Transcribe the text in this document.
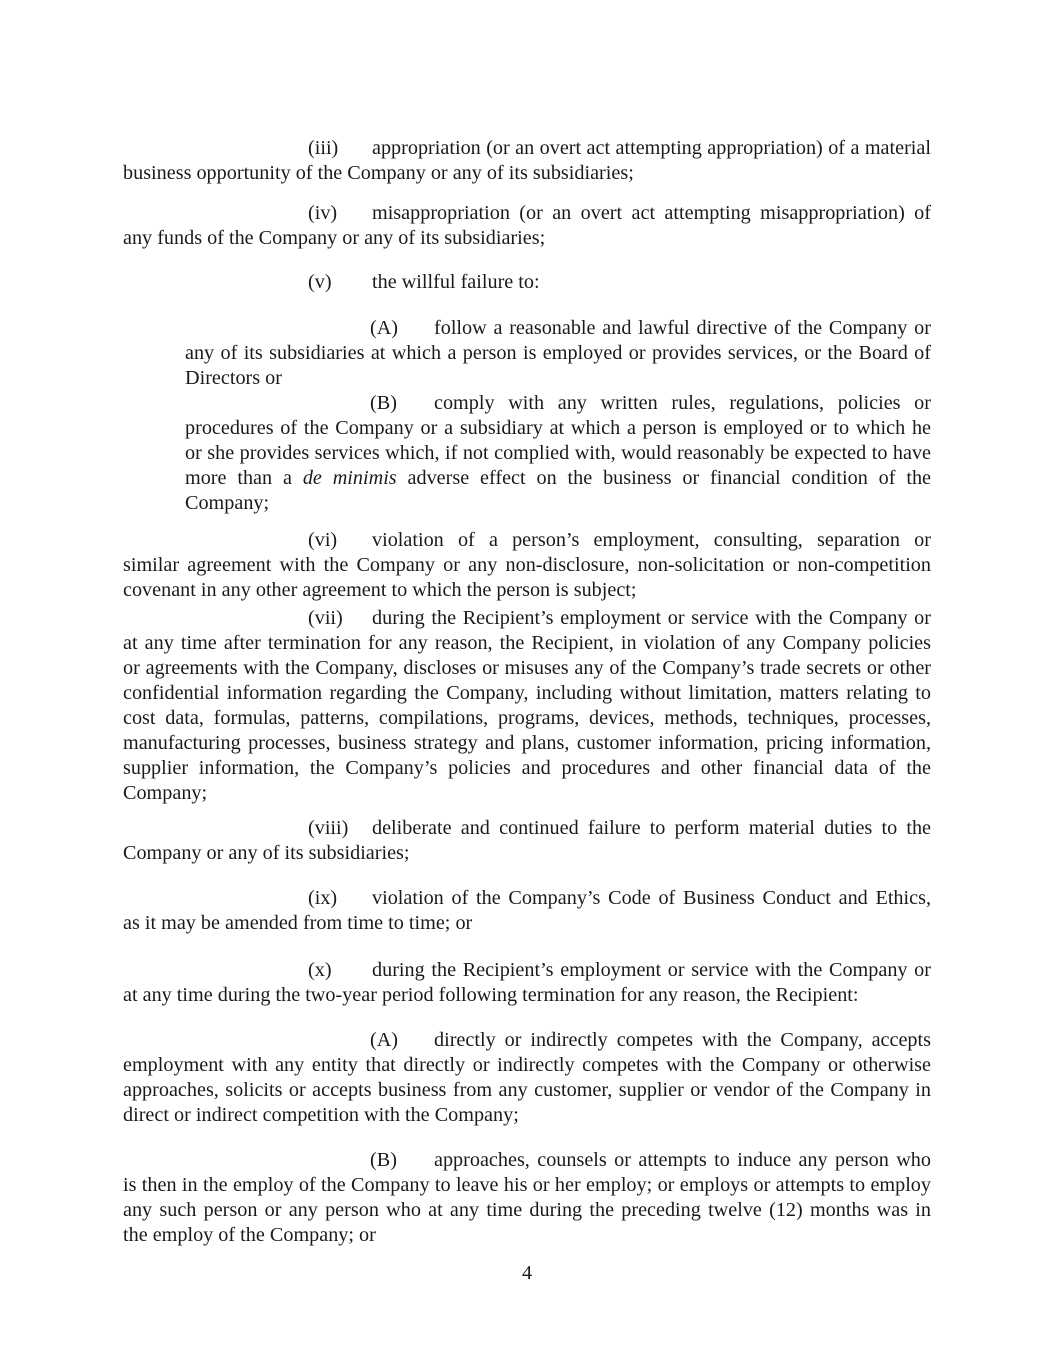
(iii) appropriation (or an overt act attempting appropriation) of a material
business opportunity of the Company or any of its subsidiaries;
(iv) misappropriation (or an overt act attempting misappropriation) of
any funds of the Company or any of its subsidiaries;
(v) the willful failure to:
(A) follow a reasonable and lawful directive of the Company or
any of its subsidiaries at which a person is employed or provides services, or the Board of
Directors or
(B) comply with any written rules, regulations, policies or
procedures of the Company or a subsidiary at which a person is employed or to which he
or she provides services which, if not complied with, would reasonably be expected to have
more than a de minimis adverse effect on the business or financial condition of the
Company;
(vi) violation of a person’s employment, consulting, separation or
similar agreement with the Company or any non-disclosure, non-solicitation or non-competition
covenant in any other agreement to which the person is subject;
(vii) during the Recipient’s employment or service with the Company or
at any time after termination for any reason, the Recipient, in violation of any Company policies
or agreements with the Company, discloses or misuses any of the Company’s trade secrets or other
confidential information regarding the Company, including without limitation, matters relating to
cost data, formulas, patterns, compilations, programs, devices, methods, techniques, processes,
manufacturing processes, business strategy and plans, customer information, pricing information,
supplier information, the Company’s policies and procedures and other financial data of the
Company;
(viii) deliberate and continued failure to perform material duties to the
Company or any of its subsidiaries;
(ix) violation of the Company’s Code of Business Conduct and Ethics,
as it may be amended from time to time; or
(x) during the Recipient’s employment or service with the Company or
at any time during the two-year period following termination for any reason, the Recipient:
(A) directly or indirectly competes with the Company, accepts
employment with any entity that directly or indirectly competes with the Company or otherwise
approaches, solicits or accepts business from any customer, supplier or vendor of the Company in
direct or indirect competition with the Company;
(B) approaches, counsels or attempts to induce any person who
is then in the employ of the Company to leave his or her employ; or employs or attempts to employ
any such person or any person who at any time during the preceding twelve (12) months was in
the employ of the Company; or
4
